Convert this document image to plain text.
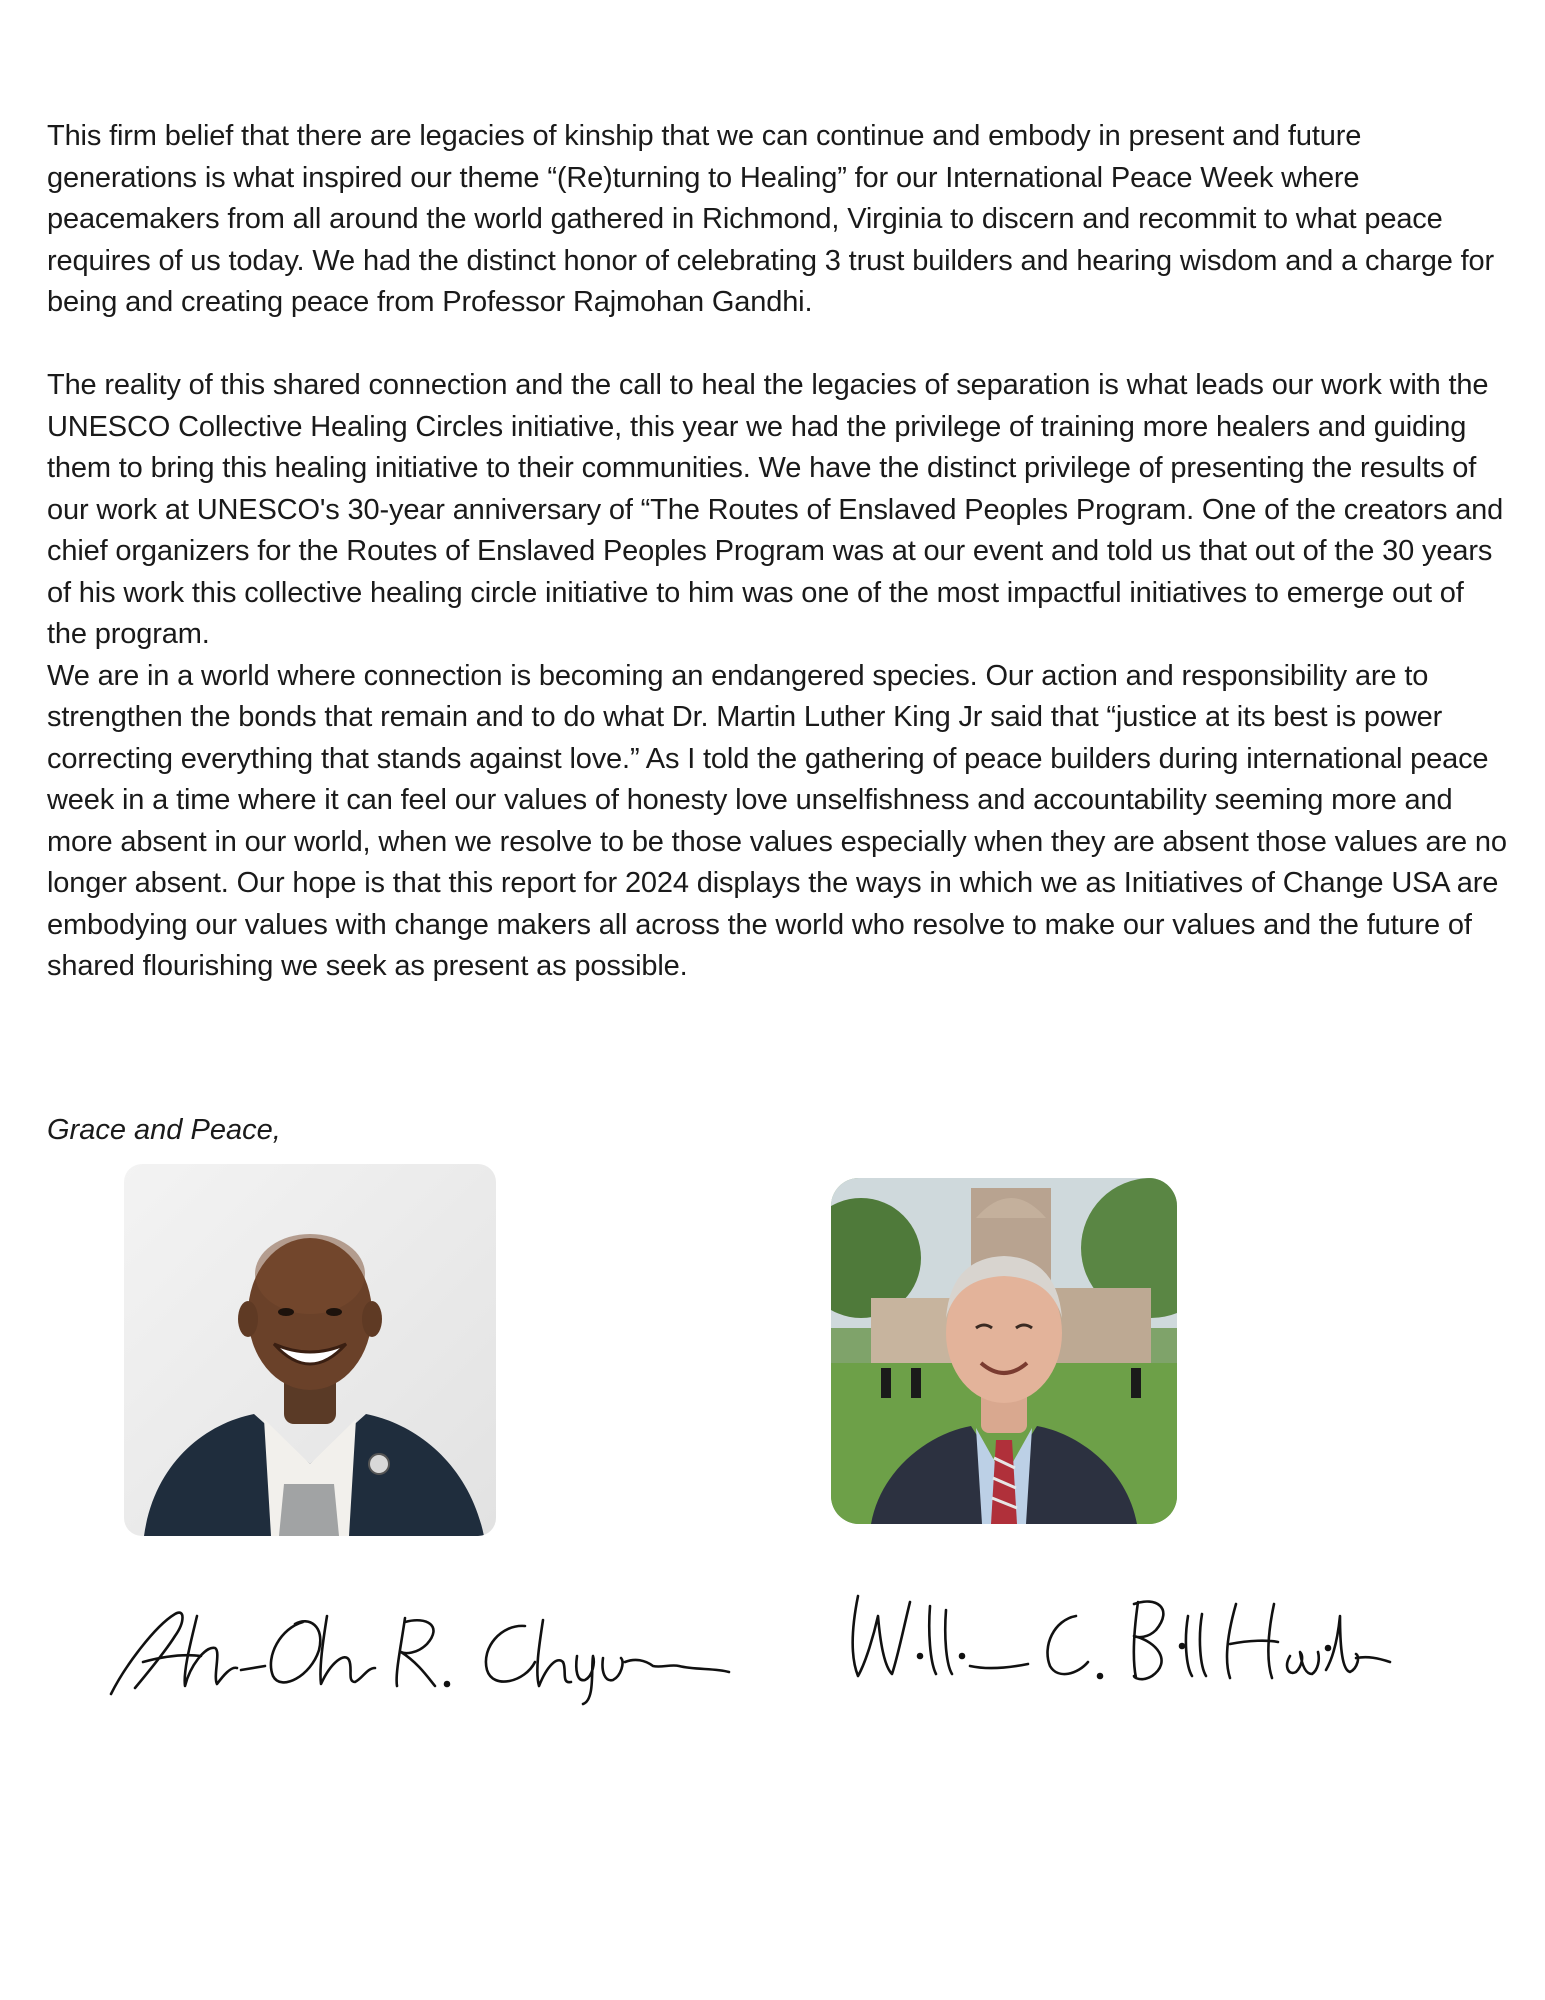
This firm belief that there are legacies of kinship that we can continue and embody in present and future generations is what inspired our theme “(Re)turning to Healing” for our International Peace Week where peacemakers from all around the world gathered in Richmond, Virginia to discern and recommit to what peace requires of us today. We had the distinct honor of celebrating 3 trust builders and hearing wisdom and a charge for being and creating peace from Professor Rajmohan Gandhi.

The reality of this shared connection and the call to heal the legacies of separation is what leads our work with the UNESCO Collective Healing Circles initiative, this year we had the privilege of training more healers and guiding them to bring this healing initiative to their communities. We have the distinct privilege of presenting the results of our work at UNESCO's 30-year anniversary of “The Routes of Enslaved Peoples Program. One of the creators and chief organizers for the Routes of Enslaved Peoples Program was at our event and told us that out of the 30 years of his work this collective healing circle initiative to him was one of the most impactful initiatives to emerge out of the program.

We are in a world where connection is becoming an endangered species. Our action and responsibility are to strengthen the bonds that remain and to do what Dr. Martin Luther King Jr said that “justice at its best is power correcting everything that stands against love.” As I told the gathering of peace builders during international peace week in a time where it can feel our values of honesty love unselfishness and accountability seeming more and more absent in our world, when we resolve to be those values especially when they are absent those values are no longer absent. Our hope is that this report for 2024 displays the ways in which we as Initiatives of Change USA are embodying our values with change makers all across the world who resolve to make our values and the future of shared flourishing we seek as present as possible.

Grace and Peace,
